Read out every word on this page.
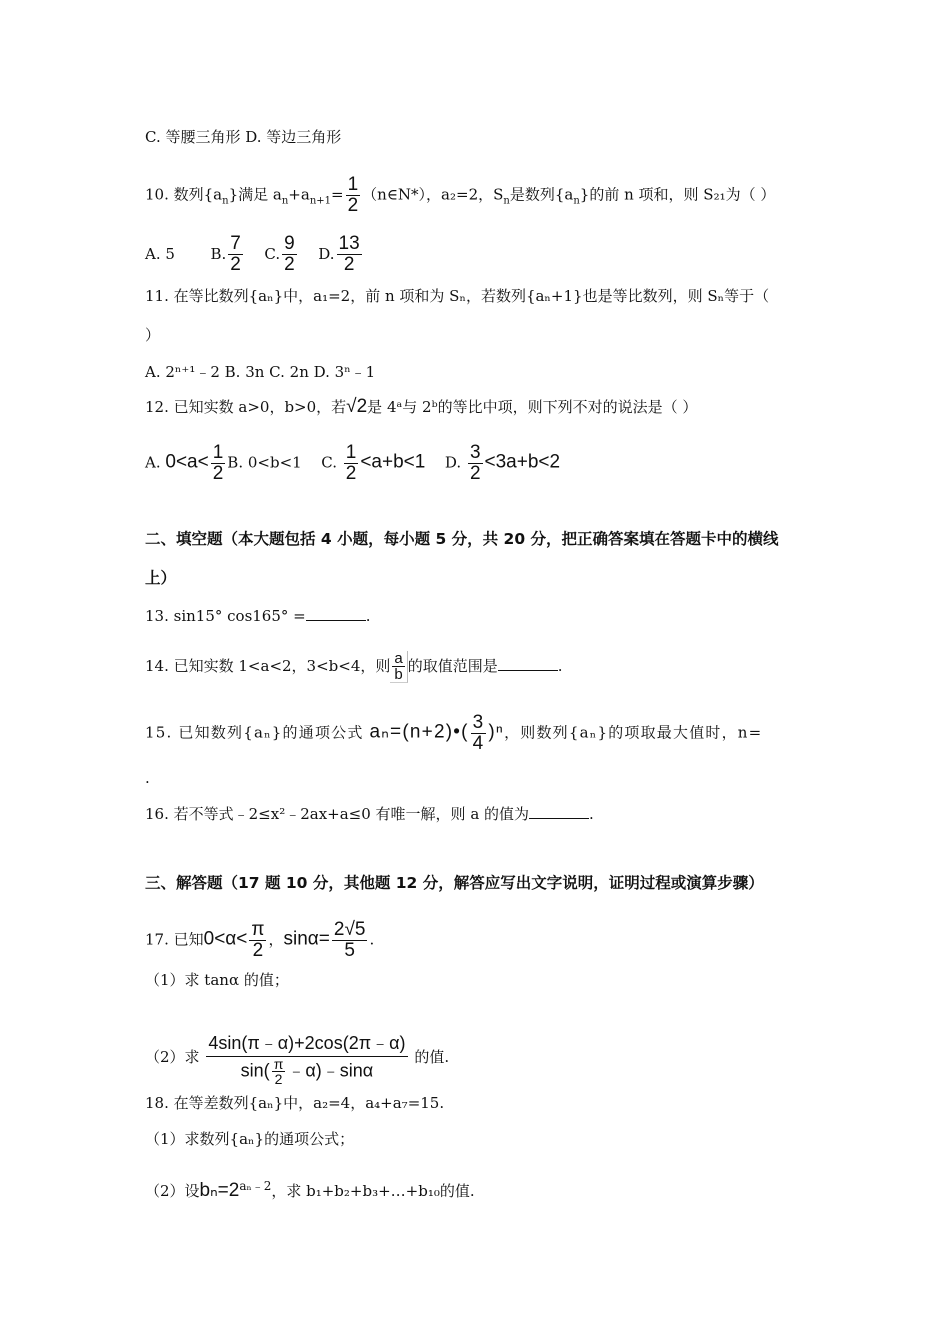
C. 等腰三角形 D. 等边三角形
10. 数列$\{a_n\}$满足 $a_n+a_{n+1}= \frac{1}{2}$ （n∈N*），a₂=2，$S_n$是数列$\{a_n\}$的前 n 项和，则 S₂₁为（ ）
A. 5 B. $\frac{7}{2} C$. $\frac{9}{2} D$. $\frac{13}{2}$
11. 在等比数列{aₙ}中，a₁=2，前 n 项和为 Sₙ，若数列{aₙ+1}也是等比数列，则 Sₙ等于（
）
A. 2ⁿ⁺¹﹣2 B. 3n C. 2n D. 3ⁿ﹣1
12. 已知实数 a>0，b>0，若√2是 4ᵃ与 2ᵇ的等比中项，则下列不对的说法是（ ）
A. $0<a< \frac{1}{2} B$. 0<b<1 C. $\frac{1}{2} <a+b<1$ D. $\frac{3}{2} <3a+b<2$
二、填空题（本大题包括 4 小题，每小题 5 分，共 20 分，把正确答案填在答题卡中的横线
上）
13. sin15° cos165° =	.
14. 已知实数 1<a<2，3<b<4，则 $\frac{a}{b}$ 的取值范围是	.
15. 已知数列{aₙ}的通项公式 aₙ=(n+2)•( $\frac{3}{4} )^n$，则数列{aₙ}的项取最大值时，n=
.
16. 若不等式﹣2≤x²﹣2ax+a≤0 有唯一解，则 a 的值为	.
三、解答题（17 题 10 分，其他题 12 分，解答应写出文字说明，证明过程或演算步骤）
17. 已知$0<\alpha< \frac{\pi}{2}$ ，$\sin\alpha= \frac{2√5}{5}$ .
（1）求 tanα 的值；
（2）求 $\frac{4\sin(\pi﹣\alpha)+2\cos(2\pi﹣\alpha)}{\sin( \frac{\pi}{2} ﹣\alpha)﹣\sin\alpha}$ 的值.
18. 在等差数列{aₙ}中，a₂=4，a₄+a₇=15.
（1）求数列{aₙ}的通项公式；
（2）设$b_n=2^{a_n﹣2}$，求 b₁+b₂+b₃+…+b₁₀的值.
